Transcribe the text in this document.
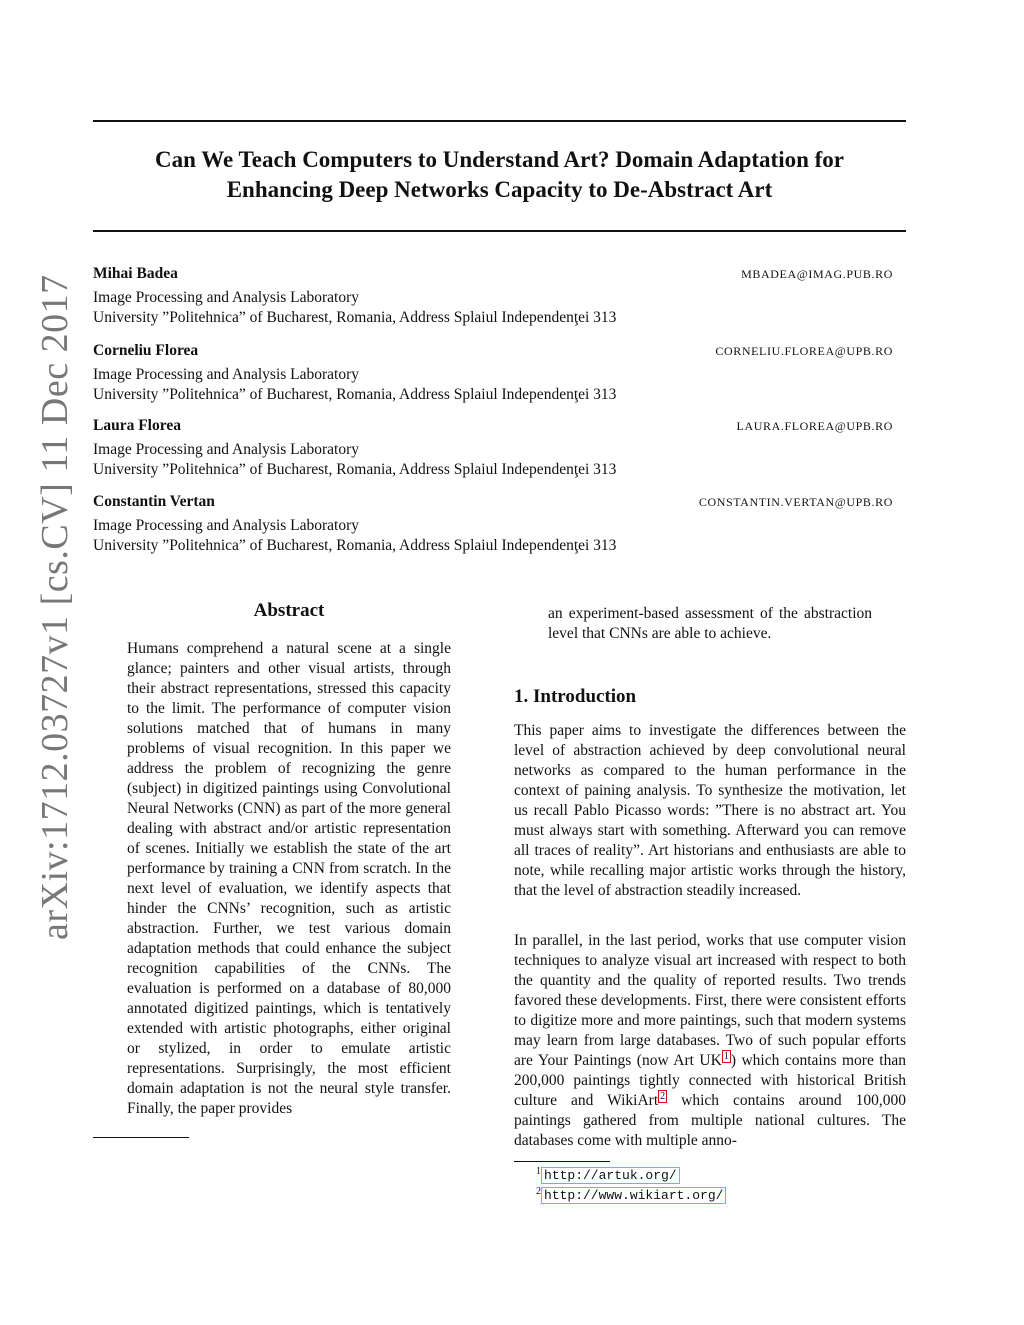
arXiv:1712.03727v1 [cs.CV] 11 Dec 2017
Can We Teach Computers to Understand Art? Domain Adaptation for
Enhancing Deep Networks Capacity to De-Abstract Art
Mihai Badea	MBADEA@IMAG.PUB.RO
Image Processing and Analysis Laboratory
University ”Politehnica” of Bucharest, Romania, Address Splaiul Independenţei 313
Corneliu Florea	CORNELIU.FLOREA@UPB.RO
Image Processing and Analysis Laboratory
University ”Politehnica” of Bucharest, Romania, Address Splaiul Independenţei 313
Laura Florea	LAURA.FLOREA@UPB.RO
Image Processing and Analysis Laboratory
University ”Politehnica” of Bucharest, Romania, Address Splaiul Independenţei 313
Constantin Vertan	CONSTANTIN.VERTAN@UPB.RO
Image Processing and Analysis Laboratory
University ”Politehnica” of Bucharest, Romania, Address Splaiul Independenţei 313
Abstract
Humans comprehend a natural scene at a single glance; painters and other visual artists, through their abstract representations, stressed this capacity to the limit. The performance of computer vision solutions matched that of humans in many problems of visual recognition. In this paper we address the problem of recognizing the genre (subject) in digitized paintings using Convolutional Neural Networks (CNN) as part of the more general dealing with abstract and/or artistic representation of scenes. Initially we establish the state of the art performance by training a CNN from scratch. In the next level of evaluation, we identify aspects that hinder the CNNs’ recognition, such as artistic abstraction. Further, we test various domain adaptation methods that could enhance the subject recognition capabilities of the CNNs. The evaluation is performed on a database of 80,000 annotated digitized paintings, which is tentatively extended with artistic photographs, either original or stylized, in order to emulate artistic representations. Surprisingly, the most efficient domain adaptation is not the neural style transfer. Finally, the paper provides
an experiment-based assessment of the abstraction level that CNNs are able to achieve.
1. Introduction
This paper aims to investigate the differences between the level of abstraction achieved by deep convolutional neural networks as compared to the human performance in the context of paining analysis. To synthesize the motivation, let us recall Pablo Picasso words: ”There is no abstract art. You must always start with something. Afterward you can remove all traces of reality”. Art historians and enthusiasts are able to note, while recalling major artistic works through the history, that the level of abstraction steadily increased.
In parallel, in the last period, works that use computer vision techniques to analyze visual art increased with respect to both the quantity and the quality of reported results. Two trends favored these developments. First, there were consistent efforts to digitize more and more paintings, such that modern systems may learn from large databases. Two of such popular efforts are Your Paintings (now Art UK $^1$ ) which contains more than 200,000 paintings tightly connected with historical British culture and WikiArt $^2$ which contains around 100,000 paintings gathered from multiple national cultures. The databases come with multiple anno-
$^1$ http://artuk.org/
$^2$ http://www.wikiart.org/
